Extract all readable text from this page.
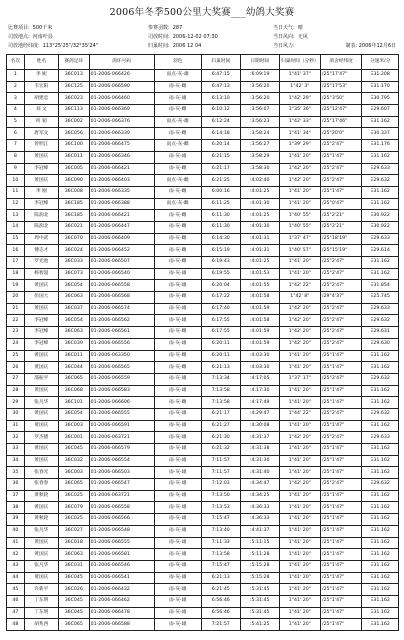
2006年冬季500公里大奖赛___幼鸽大奖赛
比赛项目: 500千米	参赛羽数: 287	当日天气: 晴
司放地点: 河南叶县	司放时间: 2006-12-02 07:30	当日风向: 无风
司放地经纬度: 113°25'25"/32°35'24"	归巢时间: 2006 12 04	当日风力:	制表: 2006年12月6日
名次	姓名	赛鸽足环	鸽环号码	羽色	归巢时间	日期时间	归巢时间（分秒）	鸽舍经纬度	分速米/分
1	李 妮	36C013	01-2006-066426	雨点-灰-雄	6:47:15	:6:09:19	1°41' 37"	/25°17'47"	Ξ31.208
2	韦宏阳	36C125	01-2006-066590	雨-灰-雌	6:47:13	:3:56:20	1°42' 3"	/25°17'53"	Ξ31.170
3	胡建忠	36C023	01-2006-066460	雨-灰-雄	6:13:10	:3:56:20	1°42' 29"	/25°3'50"	Ξ30.795
4	刘 文	36C113	01-2006-066369	雨-灰-雌	6:10:12	:3:56:07	1°35' 36"	/25°12'47"	Ξ29.607
5	何 韧	36C002	01-2006-066376	雨点-灰-雄	6:12:24	:3:56:23	1°42' 33"	/25°17'46"	Ξ31.162
6	唐军文	36C056	01-2006-066339	雨-灰-雌	6:14:18	:3:58:24	1°41' 34"	/25°20'0"	Ξ30.337
7	曾明江	36C100	01-2006-066475	雨点-灰-雌	6:20:14	:3:56:27	1°39' 29"	/25°2'47"	Ξ31.176
8	黄国庆	36C011	01-2006-066346	雨-灰-雄	6:21:15	:3:58:29	1°41' 20"	/25°1'47"	Ξ31.162
9	李冠峰	36C005	01-2006-066421	雨-灰-雌	6:21:17	:3:58:30	1°42' 20"	/25°2'47"	Ξ29.633
10	黄国庆	36C090	01-2006-066403	雨点-灰-雌	6:21:25	:4:02:40	1°42' 20"	/25°2'47"	Ξ29.632
11	李 刚	36C008	01-2006-066335	雨-灰-雌	6:00:16	:4:01:25	1°41' 20"	/25°1'47"	Ξ31.162
12	李冠峰	36C185	01-2006-066388	雨点-灰-雌	6:11:25	:4:01:30	1°41' 20"	/25°0'47"	Ξ31.162
13	陈润北	36C185	01-2006-066421	雨-灰-雌	6:11:30	:4:01:25	1°40' 55"	/25°2'21"	Ξ30.922
14	陈润北	36C021	01-2006-066447	雨-灰-雌	6:11:30	:4:01:30	1°40' 55"	/25°2'21"	Ξ30.922
15	周中武	36C070	01-2006-066409	雨-灰-雌	6:14:30	:4:01:31	1°37' 47"	/25°18'19"	Ξ29.633
16	傅志才	36C024	01-2006-066452	雨-灰-雌	6:15:19	:4:01:31	1°40' 57"	/25°15'19"	Ξ29.614
17	罗光池	36C033	01-2006-066507	雨-灰-雌	6:19:43	:4:01:25	1°41' 20"	/25°2'47"	Ξ31.162
18	杨智超	36C073	01-2006-066540	雨-灰-雄	6:19:55	:4:01:53	1°41' 20"	/25°2'47"	Ξ31.162
19	黄国庆	36C054	01-2006-066558	雨-灰-雄	6:20:04	:4:01:55	1°42' 22"	/25°2'47"	Ξ31.854
20	彭国大	36C063	01-2006-066568	雨-灰-雌	6:17:22	:4:01:58	1°42' 8"	/29°4'37"	Ξ25.745
21	黄国庆	36C037	01-2006-066574	雨-灰-雄	6:17:40	:4:01:59	1°42' 20"	/25°2'47"	Ξ29.633
22	李冠峰	36C054	01-2006-066562	雨-灰-雄	6:17:55	:4:01:58	1°42' 20"	/25°2'47"	Ξ29.632
23	李冠峰	36C063	01-2006-066561	雨-灰-雌	6:17:55	:4:01:59	1°42' 20"	/25°2'47"	Ξ29.631
24	李冠峰	36C039	01-2006-066556	雨-灰-雄	6:20:11	:4:01:59	1°42' 20"	/25°2'47"	Ξ29.630
25	黄国庆	36C011	01-2006-063350	雨-灰-雌	6:20:11	:4:03:30	1°41' 20"	/25°1'47"	Ξ31.162
26	黄国庆	36C044	01-2006-066565	雨-灰-雌	6:21:13	:4:03:30	1°41' 20"	/25°1'47"	Ξ31.162
27	邵振平	36C065	01-2006-066559	雨-灰-雄	7:13:34	:4:17:05	1°37' 17"	/25°2'47"	Ξ29.632
28	黄国庆	36C068	01-2006-066583	雨-灰-雄	7:13:58	:4:17:30	1°41' 20"	/25°1'47"	Ξ31.162
29	张凡华	36C101	01-2006-066606	雨-灰-雌	7:13:58	:4:17:49	1°41' 20"	/25°1'47"	Ξ31.162
30	黄国庆	36C054	01-2006-066555	雨-灰-雄	6:21:17	:4:29:47	1°44' 22"	/25°2'47"	Ξ29.632
31	黄国庆	36C003	01-2006-066591	雨-灰-雄	6:21:27	:4:30:08	1°41' 20"	/25°1'47"	Ξ31.162
32	罗杰德	36C001	01-2006-063721	雨-灰-雄	6:21:30	:4:31:37	1°42' 20"	/25°2'47"	Ξ29.633
33	黄国庆	36C045	01-2006-066579	雨-灰-雄	6:21:32	:4:31:38	1°41' 20"	/25°1'47"	Ξ31.162
34	黄国庆	36C032	01-2006-066554	雨-灰-雄	7:11:57	:4:31:30	1°41' 20"	/25°1'47"	Ξ31.162
35	张春光	36C003	01-2006-066503	雨-灰-雄	7:11:57	:4:31:40	1°41' 20"	/25°1'47"	Ξ31.162
36	张春春	36C065	01-2006-066547	雨-灰-雄	7:12:03	:4:34:47	1°42' 20"	/25°2'47"	Ξ29.632
37	黄秋轮	36C025	01-2006-063721	雨-灰-雄	7:13:50	:4:34:25	1°41' 20"	/25°1'47"	Ξ31.162
38	黄国庆	36C079	01-2006-066558	雨-灰-雄	7:13:53	:4:36:33	1°41' 20"	/25°1'47"	Ξ31.162
39	黄秋轮	36C025	01-2006-066566	雨-灰-雄	7:15:47	:4:36:33	1°41' 20"	/25°1'47"	Ξ31.162
40	张凡华	36C027	01-2006-066548	雨-灰-雄	7:13:40	:4:41:37	1°41' 20"	/25°1'47"	Ξ31.162
41	黄国庆	36C018	01-2006-066555	雨-灰-雄	7:11:33	:5:11:15	1°41' 20"	/25°1'47"	Ξ31.162
42	黄国庆	36C063	01-2006-066581	雨-灰-雄	7:13:58	:5:11:28	1°41' 20"	/25°1'47"	Ξ31.162
43	张凡华	36C031	01-2006-066546	雨-灰-雄	7:15:47	:5:15:28	1°41' 20"	/25°1'47"	Ξ31.162
44	黄国庆	36C045	01-2006-066541	雨-灰-雄	6:21:13	:5:15:28	1°41' 20"	/25°1'47"	Ξ31.162
45	许新平	36C026	01-2006-066432	雨-灰-雄	6:21:45	:5:31:45	1°41' 20"	/25°1'47"	Ξ31.162
46	丁东明	36C045	01-2006-066462	雨-灰-雄	6:56:46	:5:31:45	1°41' 20"	/25°1'47"	Ξ31.162
47	丁东明	36C045	01-2006-066478	雨-灰-雄	6:56:46	:5:31:45	1°41' 20"	/25°1'47"	Ξ31.162
48	胡兆西	36C065	01-2006-066588	雨-灰-雄	7:21:57	:5:41:25	1°41' 20"	/25°1'47"	Ξ31.162
